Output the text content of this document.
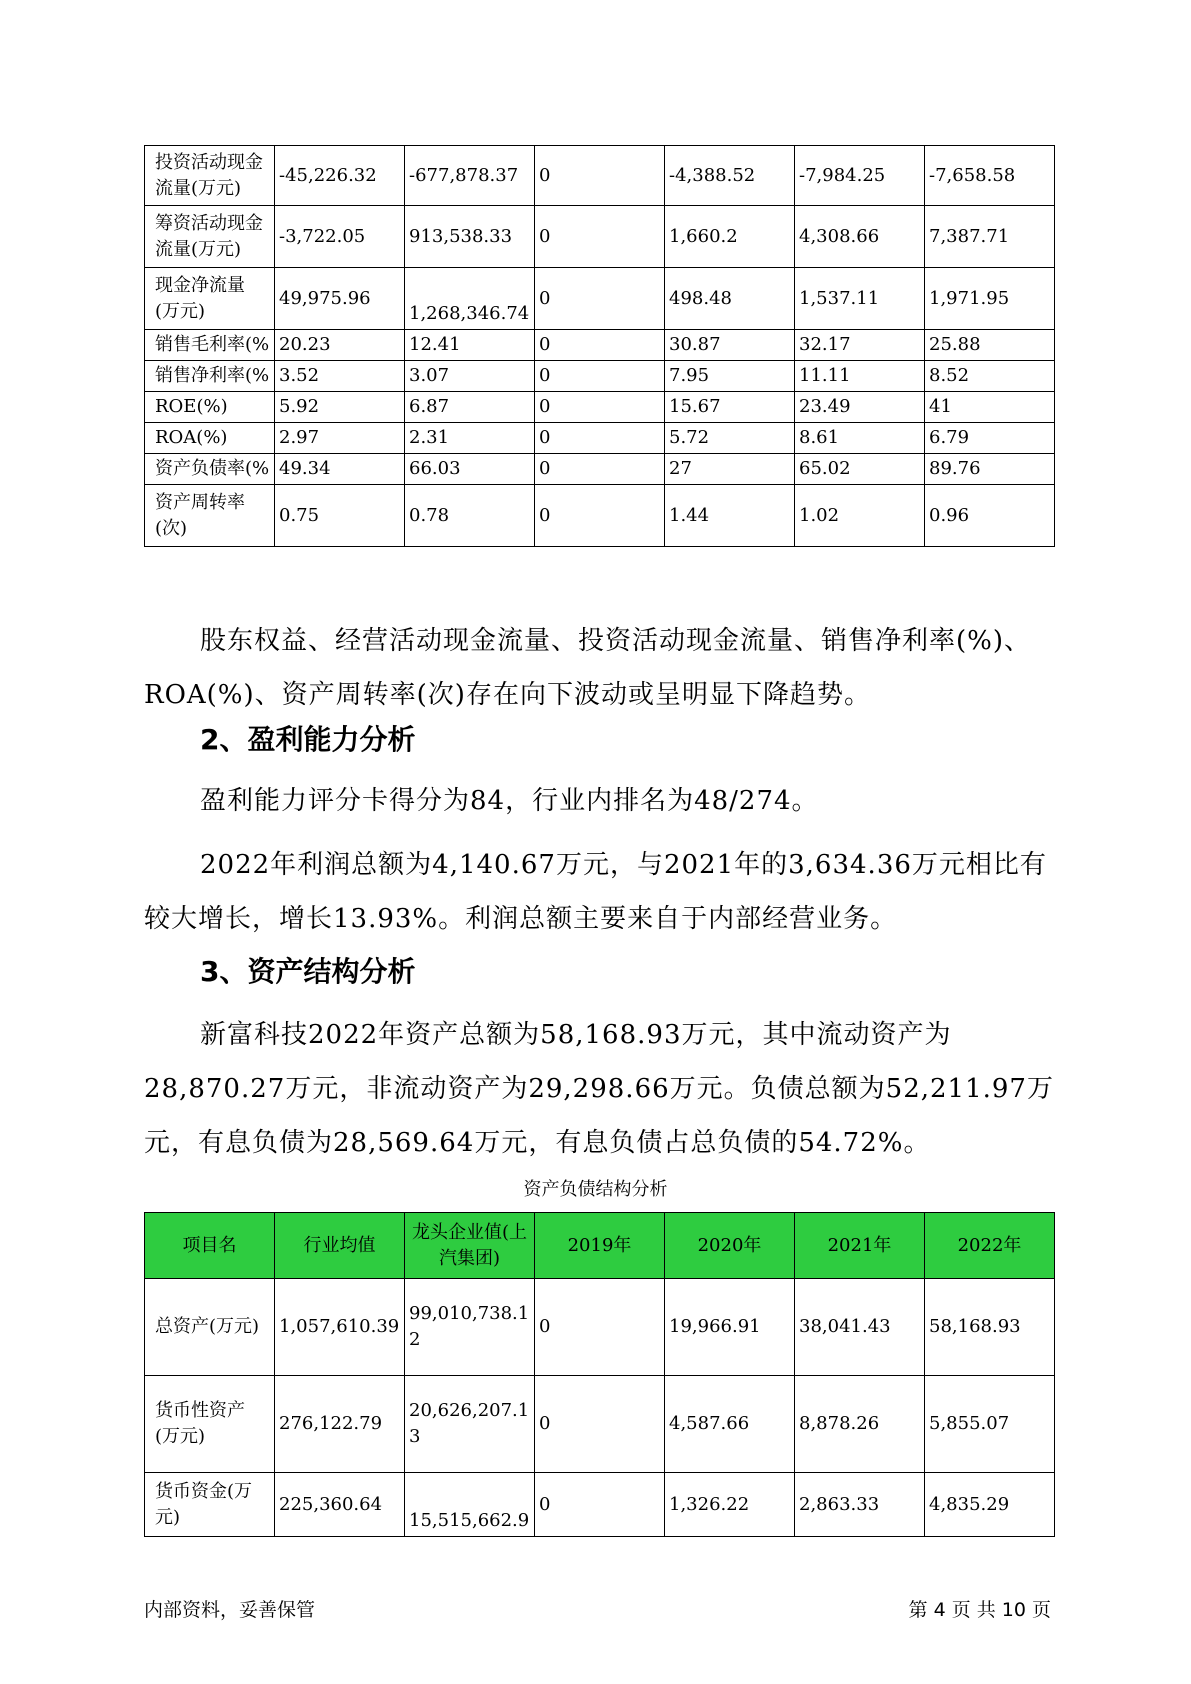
投资活动现金流量(万元)	-45,226.32	-677,878.37	0	-4,388.52	-7,984.25	-7,658.58
筹资活动现金流量(万元)	-3,722.05	913,538.33	0	1,660.2	4,308.66	7,387.71
现金净流量(万元)	49,975.96	1,268,346.74	0	498.48	1,537.11	1,971.95
销售毛利率(%	20.23	12.41	0	30.87	32.17	25.88
销售净利率(%	3.52	3.07	0	7.95	11.11	8.52
ROE(%)	5.92	6.87	0	15.67	23.49	41
ROA(%)	2.97	2.31	0	5.72	8.61	6.79
资产负债率(%	49.34	66.03	0	27	65.02	89.76
资产周转率(次)	0.75	0.78	0	1.44	1.02	0.96
股东权益、经营活动现金流量、投资活动现金流量、销售净利率(%)、ROA(%)、资产周转率(次)存在向下波动或呈明显下降趋势。
2、盈利能力分析
盈利能力评分卡得分为84，行业内排名为48/274。
2022年利润总额为4,140.67万元，与2021年的3,634.36万元相比有较大增长，增长13.93%。利润总额主要来自于内部经营业务。
3、资产结构分析
新富科技2022年资产总额为58,168.93万元，其中流动资产为28,870.27万元，非流动资产为29,298.66万元。负债总额为52,211.97万元，有息负债为28,569.64万元，有息负债占总负债的54.72%。
资产负债结构分析
项目名	行业均值	龙头企业值(上汽集团)	2019年	2020年	2021年	2022年
总资产(万元)	1,057,610.39	99,010,738.12	0	19,966.91	38,041.43	58,168.93
货币性资产(万元)	276,122.79	20,626,207.13	0	4,587.66	8,878.26	5,855.07
货币资金(万元)	225,360.64	15,515,662.9	0	1,326.22	2,863.33	4,835.29
内部资料，妥善保管	第 4 页 共 10 页
